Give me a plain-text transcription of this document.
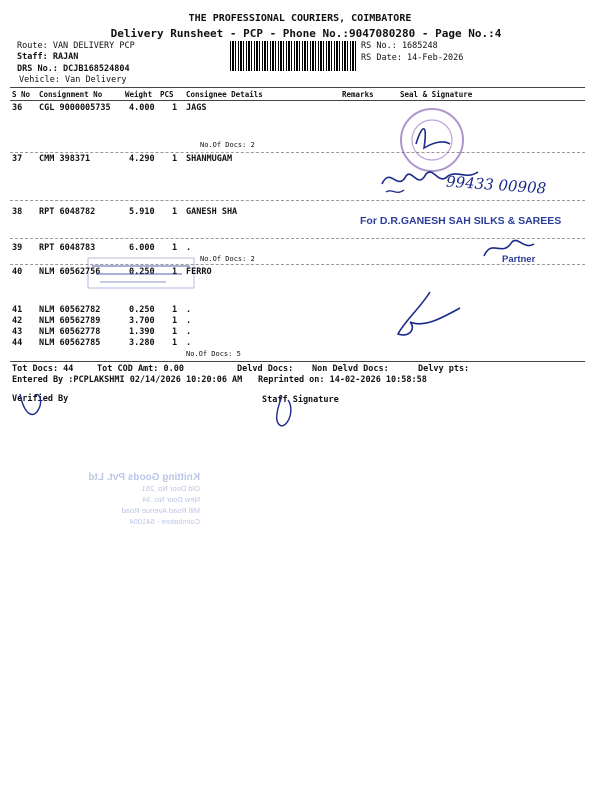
THE PROFESSIONAL COURIERS, COIMBATORE
Delivery Runsheet - PCP - Phone No.:9047080280 - Page No.:4
Route: VAN DELIVERY PCP
Staff: RAJAN
DRS No.: DCJB168524804
Vehicle: Van Delivery
RS No.: 1685248
RS Date: 14-Feb-2026
S No Consignment No	Weight PCS Consignee Details	Remarks	Seal & Signature
36 CGL 9000005735 4.000 1 JAGS
No.Of Docs: 2
37 CMM 398371	4.290 1 SHANMUGAM
38 RPT 6048782	5.910 1 GANESH SHA
39 RPT 6048783	6.000 1 .
No.Of Docs: 2
40 NLM 60562756	0.250 1 FERRO
41 NLM 60562782	0.250 1 .
42 NLM 60562789	3.700 1 .
43 NLM 60562778	1.390 1 .
44 NLM 60562785	3.280 1 .
No.Of Docs: 5
Tot Docs: 44	Tot COD Amt: 0.00	Delvd Docs: Non Delvd Docs:	Delvy pts:
Entered By :PCPLAKSHMI 02/14/2026 10:20:06 AM Reprinted on: 14-02-2026 10:58:58
Verified By	Staff Signature
99433 00908
For D.R.GANESH SAH SILKS & SAREES
Partner
Knitting Goods Pvt. Ltd
Old Door No. 261
New Door No. 34
Mill Road Avenue Road
Coimbatore - 641004
